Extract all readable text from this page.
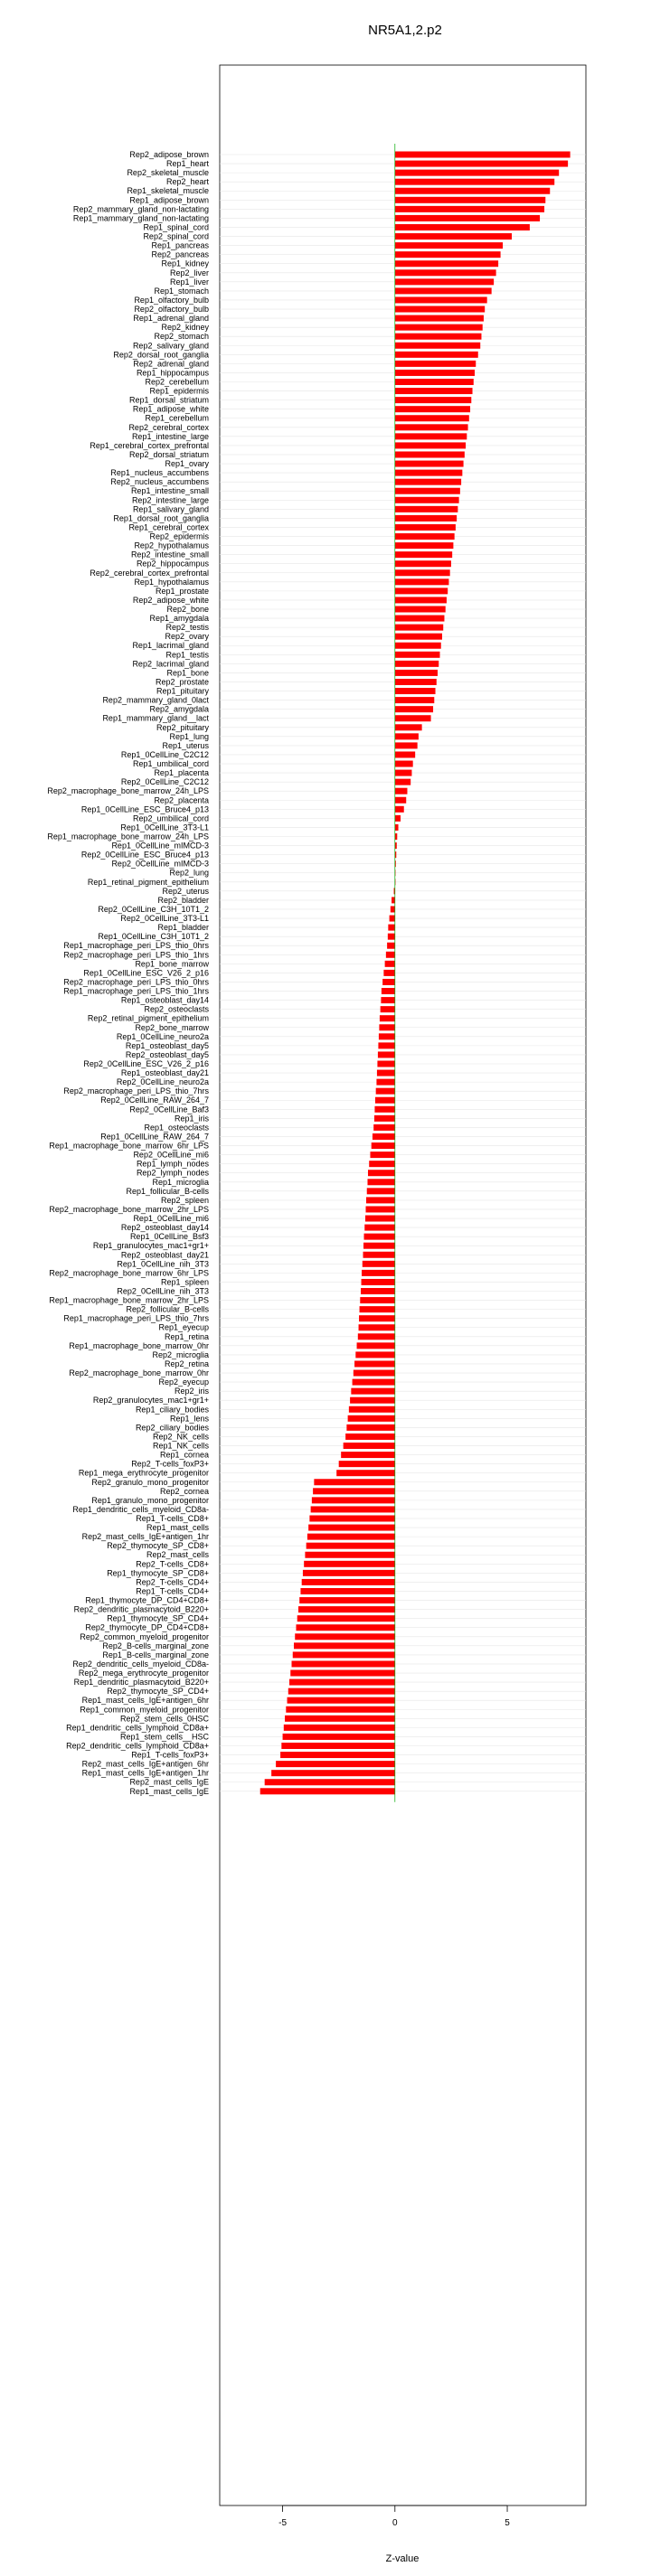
NR5A1,2.p2
Rep2_adipose_brown
Rep1_heart
Rep2_skeletal_muscle
Rep2_heart
Rep1_skeletal_muscle
Rep1_adipose_brown
Rep2_mammary_gland_non-lactating
Rep1_mammary_gland_non-lactating
Rep1_spinal_cord
Rep2_spinal_cord
Rep1_pancreas
Rep2_pancreas
Rep1_kidney
Rep2_liver
Rep1_liver
Rep1_stomach
Rep1_olfactory_bulb
Rep2_olfactory_bulb
Rep1_adrenal_gland
Rep2_kidney
Rep2_stomach
Rep2_salivary_gland
Rep2_dorsal_root_ganglia
Rep2_adrenal_gland
Rep1_hippocampus
Rep2_cerebellum
Rep1_epidermis
Rep1_dorsal_striatum
Rep1_adipose_white
Rep1_cerebellum
Rep2_cerebral_cortex
Rep1_intestine_large
Rep1_cerebral_cortex_prefrontal
Rep2_dorsal_striatum
Rep1_ovary
Rep1_nucleus_accumbens
Rep2_nucleus_accumbens
Rep1_intestine_small
Rep2_intestine_large
Rep1_salivary_gland
Rep1_dorsal_root_ganglia
Rep1_cerebral_cortex
Rep2_epidermis
Rep2_hypothalamus
Rep2_intestine_small
Rep2_hippocampus
Rep2_cerebral_cortex_prefrontal
Rep1_hypothalamus
Rep1_prostate
Rep2_adipose_white
Rep2_bone
Rep1_amygdala
Rep2_testis
Rep2_ovary
Rep1_lacrimal_gland
Rep1_testis
Rep2_lacrimal_gland
Rep1_bone
Rep2_prostate
Rep1_pituitary
Rep2_mammary_gland_0lact
Rep2_amygdala
Rep1_mammary_gland__lact
Rep2_pituitary
Rep1_lung
Rep1_uterus
Rep1_0CellLine_C2C12
Rep1_umbilical_cord
Rep1_placenta
Rep2_0CellLine_C2C12
Rep2_macrophage_bone_marrow_24h_LPS
Rep2_placenta
Rep1_0CellLine_ESC_Bruce4_p13
Rep2_umbilical_cord
Rep1_0CellLine_3T3-L1
Rep1_macrophage_bone_marrow_24h_LPS
Rep1_0CellLine_mIMCD-3
Rep2_0CellLine_ESC_Bruce4_p13
Rep2_0CellLine_mIMCD-3
Rep2_lung
Rep1_retinal_pigment_epithelium
Rep2_uterus
Rep2_bladder
Rep2_0CellLine_C3H_10T1_2
Rep2_0CellLine_3T3-L1
Rep1_bladder
Rep1_0CellLine_C3H_10T1_2
Rep1_macrophage_peri_LPS_thio_0hrs
Rep2_macrophage_peri_LPS_thio_1hrs
Rep1_bone_marrow
Rep1_0CellLine_ESC_V26_2_p16
Rep2_macrophage_peri_LPS_thio_0hrs
Rep1_macrophage_peri_LPS_thio_1hrs
Rep1_osteoblast_day14
Rep2_osteoclasts
Rep2_retinal_pigment_epithelium
Rep2_bone_marrow
Rep1_0CellLine_neuro2a
Rep1_osteoblast_day5
Rep2_osteoblast_day5
Rep2_0CellLine_ESC_V26_2_p16
Rep1_osteoblast_day21
Rep2_0CellLine_neuro2a
Rep2_macrophage_peri_LPS_thio_7hrs
Rep2_0CellLine_RAW_264_7
Rep2_0CellLine_Baf3
Rep1_iris
Rep1_osteoclasts
Rep1_0CellLine_RAW_264_7
Rep1_macrophage_bone_marrow_6hr_LPS
Rep2_0CellLine_mi6
Rep1_lymph_nodes
Rep2_lymph_nodes
Rep1_microglia
Rep1_follicular_B-cells
Rep2_spleen
Rep2_macrophage_bone_marrow_2hr_LPS
Rep1_0CellLine_mi6
Rep2_osteoblast_day14
Rep1_0CellLine_Bsf3
Rep1_granulocytes_mac1+gr1+
Rep2_osteoblast_day21
Rep1_0CellLine_nih_3T3
Rep2_macrophage_bone_marrow_6hr_LPS
Rep1_spleen
Rep2_0CellLine_nih_3T3
Rep1_macrophage_bone_marrow_2hr_LPS
Rep2_follicular_B-cells
Rep1_macrophage_peri_LPS_thio_7hrs
Rep1_eyecup
Rep1_retina
Rep1_macrophage_bone_marrow_0hr
Rep2_microglia
Rep2_retina
Rep2_macrophage_bone_marrow_0hr
Rep2_eyecup
Rep2_iris
Rep2_granulocytes_mac1+gr1+
Rep1_ciliary_bodies
Rep1_lens
Rep2_ciliary_bodies
Rep2_NK_cells
Rep1_NK_cells
Rep1_cornea
Rep2_T-cells_foxP3+
Rep1_mega_erythrocyte_progenitor
Rep2_granulo_mono_progenitor
Rep2_cornea
Rep1_granulo_mono_progenitor
Rep1_dendritic_cells_myeloid_CD8a-
Rep1_T-cells_CD8+
Rep1_mast_cells
Rep2_mast_cells_IgE+antigen_1hr
Rep2_thymocyte_SP_CD8+
Rep2_mast_cells
Rep2_T-cells_CD8+
Rep1_thymocyte_SP_CD8+
Rep2_T-cells_CD4+
Rep1_T-cells_CD4+
Rep1_thymocyte_DP_CD4+CD8+
Rep2_dendritic_plasmacytoid_B220+
Rep1_thymocyte_SP_CD4+
Rep2_thymocyte_DP_CD4+CD8+
Rep2_common_myeloid_progenitor
Rep2_B-cells_marginal_zone
Rep1_B-cells_marginal_zone
Rep2_dendritic_cells_myeloid_CD8a-
Rep2_mega_erythrocyte_progenitor
Rep1_dendritic_plasmacytoid_B220+
Rep2_thymocyte_SP_CD4+
Rep1_mast_cells_IgE+antigen_6hr
Rep1_common_myeloid_progenitor
Rep2_stem_cells_0HSC
Rep1_dendritic_cells_lymphoid_CD8a+
Rep1_stem_cells__HSC
Rep2_dendritic_cells_lymphoid_CD8a+
Rep1_T-cells_foxP3+
Rep2_mast_cells_IgE+antigen_6hr
Rep1_mast_cells_IgE+antigen_1hr
Rep2_mast_cells_IgE
Rep1_mast_cells_IgE
-5	0	5
Z-value
